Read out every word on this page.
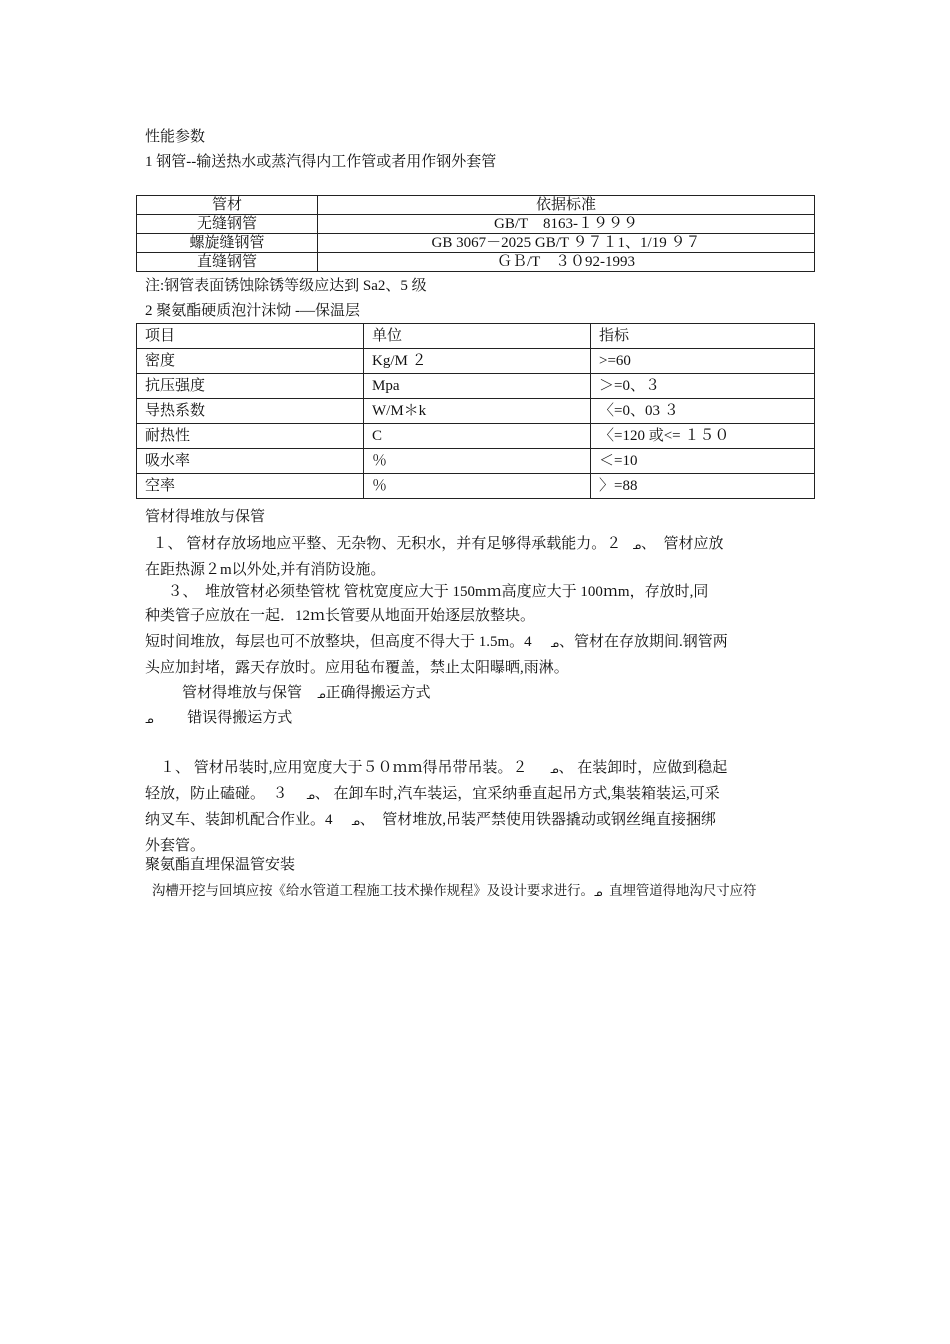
性能参数
1 钢管--输送热水或蒸汽得内工作管或者用作钢外套管
管材	依据标准
无缝钢管	GB/T　8163-１９９９
螺旋缝钢管	GB 3067－2025 GB/T ９７１1、1/19 ９７
直缝钢管	ＧＢ/T　３０92-1993
注:钢管表面锈蚀除锈等级应达到 Sa2、5 级
2 聚氨酯硬质泡汁沫恸 -—保温层
项目	单位	指标
密度	Kg/M ２	>=60
抗压强度	Mpa	＞=0、３
导热系数	W/M＊k	〈=0、03 ３
耐热性	C	〈=120 或<= １５０
吸水率	％	＜=10
空率	％	〉=88
管材得堆放与保管

１、 管材存放场地应平整、无杂物、无积水，并有足够得承载能力。２ ᓄ、　管材应放

在距热源２m以外处,并有消防设施。

３、　堆放管材必须垫管枕 管枕宽度应大于 150mｍ高度应大于 100ｍm，存放时,同

种类管子应放在一起．12ｍ长管要从地面开始逐层放整块。

短时间堆放，每层也可不放整块，但高度不得大于 1.5m。4 ᓄ、管材在存放期间.钢管两

头应加封堵，露天存放时。应用毡布覆盖，禁止太阳曝晒,雨淋。

管材得堆放与保管 ᓄ正确得搬运方式
ᓄ 错误得搬运方式

１、 管材吊装时,应用宽度大于５０ｍｍ得吊带吊装。２ ᓄ、 在装卸时，应做到稳起

轻放，防止磕碰。　３ ᓄ、 在卸车时,汽车装运，宜采纳垂直起吊方式,集装箱装运,可采

纳叉车、装卸机配合作业。4 ᓄ、　管材堆放,吊装严禁使用铁器撬动或钢丝绳直接捆绑

外套管。

聚氨酯直埋保温管安装
沟槽开挖与回填应按《给水管道工程施工技术操作规程》及设计要求进行。ᓄ 直埋管道得地沟尺寸应符
